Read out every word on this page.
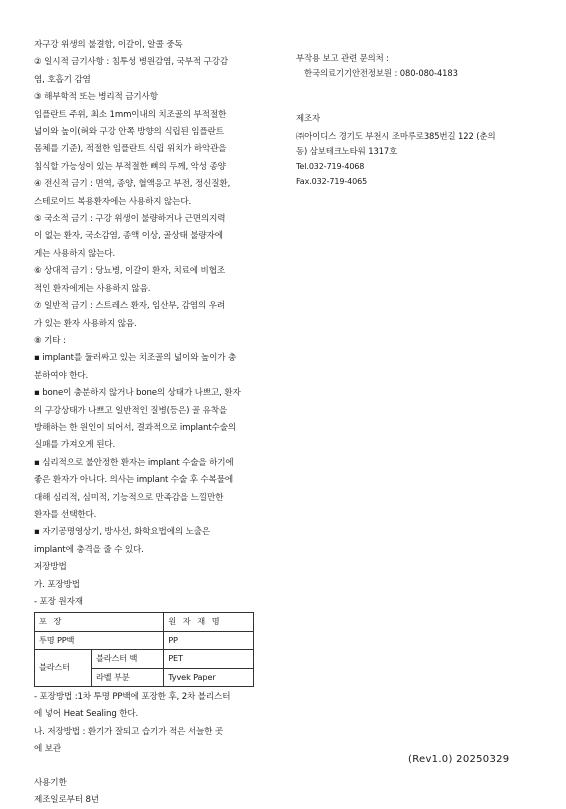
자구강 위생의 불결함, 이갈이, 알콜 중독

② 일시적 금기사항 : 침투성 병원감염, 국부적 구강감

염, 호흡기 감염

③ 해부학적 또는 병리적 금기사항

임플란트 주위, 최소 1mm이내의 치조골의 부적절한

넓이와 높이(혀와 구강 안쪽 방향의 식립된 임플란트

몸체를 기준), 적절한 임플란트 식립 위치가 하악관을

침식할 가능성이 있는 부적절한 뼈의 두께, 악성 종양

④ 전신적 금기 : 면역, 종양, 혈액응고 부전, 정신질환,

스테로이드 복용환자에는 사용하지 않는다.

⑤ 국소적 금기 : 구강 위생이 불량하거나 근면의지력

이 없는 환자, 국소감염, 종액 이상, 골상태 불량자에

게는 사용하지 않는다.

⑥ 상대적 금기 : 당뇨병, 이갈이 환자, 치료에 비협조

적인 환자에게는 사용하지 않음.

⑦ 일반적 금기 : 스트레스 환자, 임산부, 감염의 우려

가 있는 환자 사용하지 않음.

⑧ 기타 :

▪ implant를 둘러싸고 있는 치조골의 넓이와 높이가 충

분하여야 한다.

▪ bone이 충분하지 않거나 bone의 상태가 나쁘고, 환자

의 구강상태가 나쁘고 일반적인 질병(등은) 골 유착을

방해하는 한 원인이 되어서, 결과적으로 implant수술의

실패를 가져오게 된다.

▪ 심리적으로 불안정한 환자는 implant 수술을 하기에

좋은 환자가 아니다. 의사는 implant 수술 후 수복물에

대해 심리적, 심미적, 기능적으로 만족감을 느낄만한

환자를 선택한다.

▪ 자기공명영상기, 방사선, 화학요법에의 노출은

implant에 충격을 줄 수 있다.

저장방법

가. 포장방법

- 포장 원자재

포 장		원 자 재 명
투명 PP백		PP
블라스터	블라스터 백	PET
	라벨 부분	Tyvek Paper

- 포장방법 :1차 투명 PP백에 포장한 후, 2차 블리스터

에 넣어 Heat Sealing 한다.

나. 저장방법 : 환기가 잘되고 습기가 적은 서늘한 곳

에 보관

사용기한

제조일로부터 8년

부작용 보고 관련 문의처 :

한국의료기기안전정보원 : 080-080-4183

제조자

㈜아이디스 경기도 부천시 조마루로385번길 122 (춘의

동) 삼보테크노타워 1317호

Tel.032-719-4068

Fax.032-719-4065

(Rev1.0) 20250329
